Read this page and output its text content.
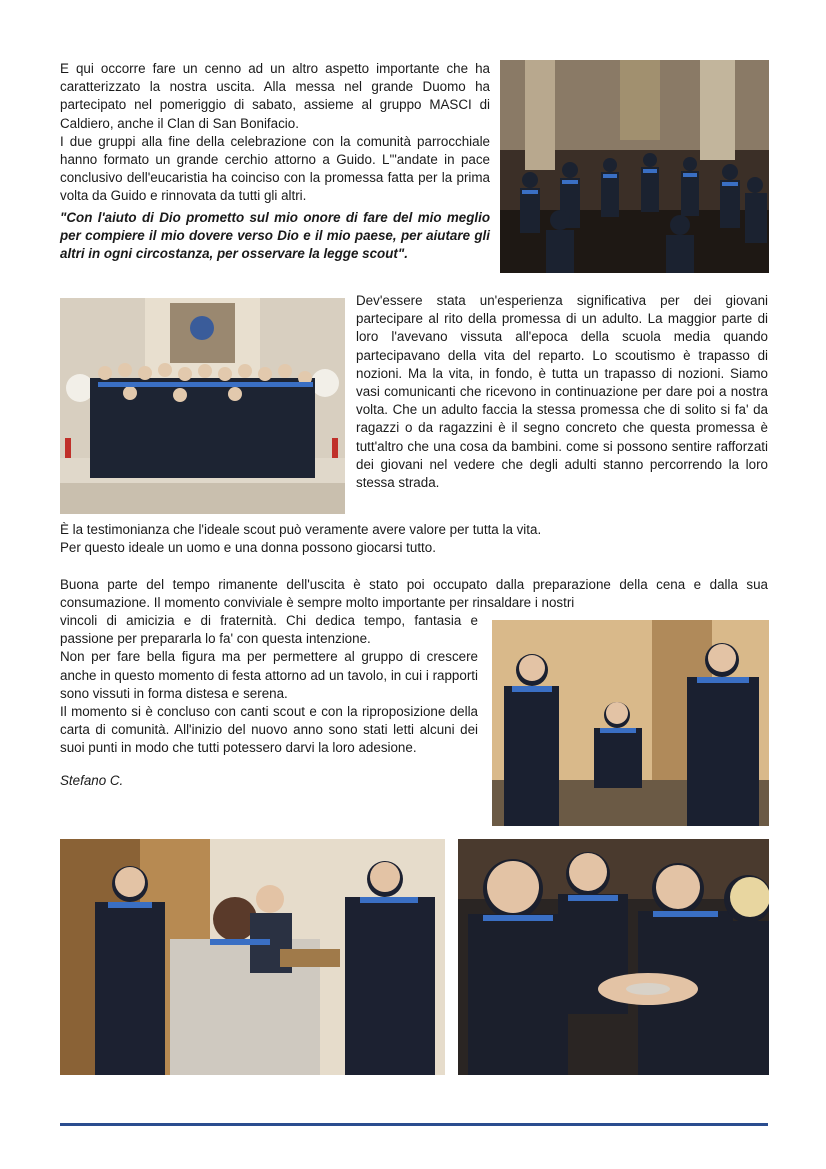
E qui occorre fare un cenno ad un altro aspetto importante che ha caratterizzato la nostra uscita. Alla messa nel grande Duomo ha partecipato nel pomeriggio di sabato, assieme al gruppo MASCI di Caldiero, anche il Clan di San Bonifacio.

I due gruppi alla fine della celebrazione con la comunità parrocchiale hanno formato un grande cerchio attorno a Guido. L'"andate in pace conclusivo dell'eucaristia ha coinciso con la promessa fatta per la prima volta da Guido e rinnovata da tutti gli altri.

"Con l'aiuto di Dio prometto sul mio onore di fare del mio meglio per compiere il mio dovere verso Dio e il mio paese, per aiutare gli altri in ogni circostanza, per osservare la legge scout".

Dev'essere stata un'esperienza significativa per dei giovani partecipare al rito della promessa di un adulto. La maggior parte di loro l'avevano vissuta all'epoca della scuola media quando partecipavano della vita del reparto. Lo scoutismo è trapasso di nozioni. Ma la vita, in fondo, è tutta un trapasso di nozioni. Siamo vasi comunicanti che ricevono in continuazione per dare poi a nostra volta. Che un adulto faccia la stessa promessa che di solito si fa' da ragazzi o da ragazzini è il segno concreto che questa promessa è tutt'altro che una cosa da bambini. come si possono sentire rafforzati dei giovani nel vedere che degli adulti stanno percorrendo la loro stessa strada.

È la testimonianza che l'ideale scout può veramente avere valore per tutta la vita.

Per questo ideale un uomo e una donna possono giocarsi tutto.

Buona parte del tempo rimanente dell'uscita è stato poi occupato dalla preparazione della cena e dalla sua consumazione. Il momento conviviale è sempre molto importante per rinsaldare i nostri

vincoli di amicizia e di fraternità. Chi dedica tempo, fantasia e passione per prepararla lo fa' con questa intenzione.

Non per fare bella figura ma per permettere al gruppo di crescere anche in questo momento di festa attorno ad un tavolo, in cui i rapporti sono vissuti in forma distesa e serena.

Il momento si è concluso con canti scout e con la riproposizione della carta di comunità. All'inizio del nuovo anno sono stati letti alcuni dei suoi punti in modo che tutti potessero darvi la loro adesione.

Stefano C.
